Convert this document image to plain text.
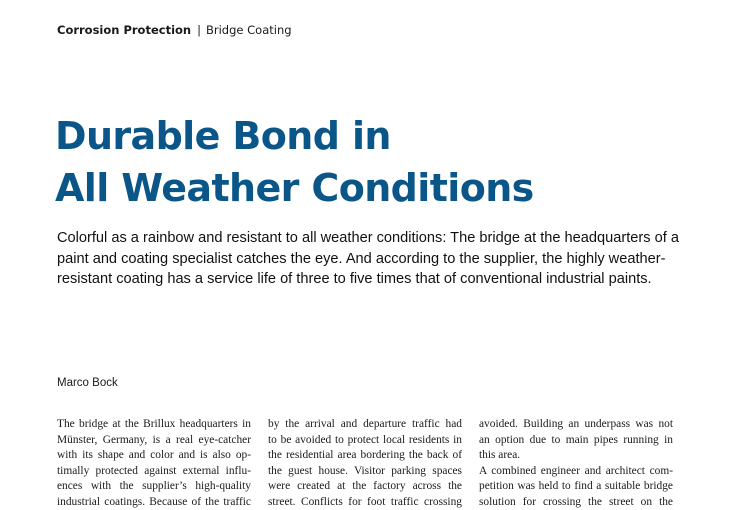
Corrosion Protection | Bridge Coating
Durable Bond in
All Weather Conditions

Colorful as a rainbow and resistant to all weather conditions: The bridge at the headquarters of a
paint and coating specialist catches the eye. And according to the supplier, the highly weather-
resistant coating has a service life of three to five times that of conventional industrial paints.

Marco Bock
The bridge at the Brillux headquarters in
Münster, Germany, is a real eye-catcher
with its shape and color and is also op-
timally protected against external influ-
ences with the supplier’s high-quality
industrial coatings. Because of the traffic
by the arrival and departure traffic had
to be avoided to protect local residents in
the residential area bordering the back of
the guest house. Visitor parking spaces
were created at the factory across the
street. Conflicts for foot traffic crossing
avoided. Building an underpass was not
an option due to main pipes running in
this area.
A combined engineer and architect com-
petition was held to find a suitable bridge
solution for crossing the street on the
